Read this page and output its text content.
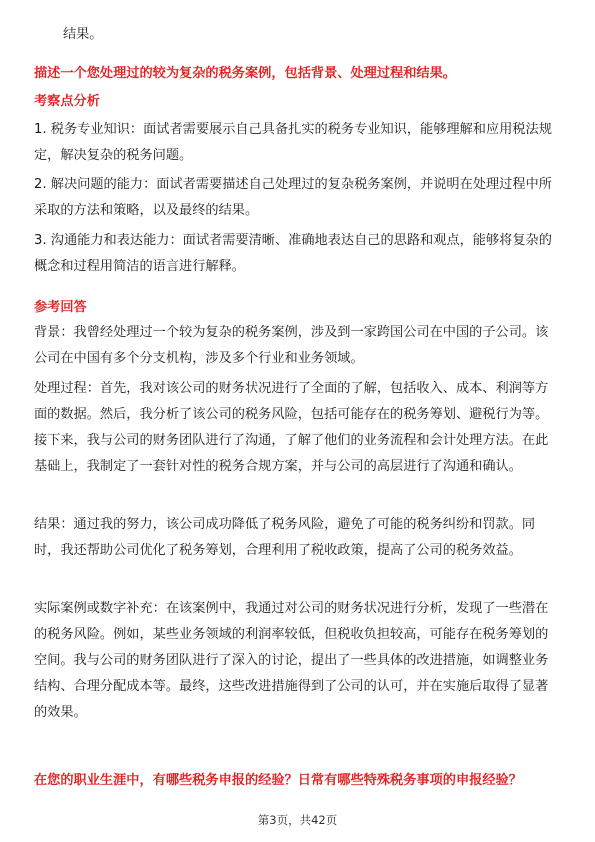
结果。

描述一个您处理过的较为复杂的税务案例，包括背景、处理过程和结果。

考察点分析

1. 税务专业知识：面试者需要展示自己具备扎实的税务专业知识，能够理解和应用税法规定，解决复杂的税务问题。

2. 解决问题的能力：面试者需要描述自己处理过的复杂税务案例，并说明在处理过程中所采取的方法和策略，以及最终的结果。

3. 沟通能力和表达能力：面试者需要清晰、准确地表达自己的思路和观点，能够将复杂的概念和过程用简洁的语言进行解释。

参考回答

背景：我曾经处理过一个较为复杂的税务案例，涉及到一家跨国公司在中国的子公司。该公司在中国有多个分支机构，涉及多个行业和业务领域。

处理过程：首先，我对该公司的财务状况进行了全面的了解，包括收入、成本、利润等方面的数据。然后，我分析了该公司的税务风险，包括可能存在的税务筹划、避税行为等。接下来，我与公司的财务团队进行了沟通，了解了他们的业务流程和会计处理方法。在此基础上，我制定了一套针对性的税务合规方案，并与公司的高层进行了沟通和确认。

结果：通过我的努力，该公司成功降低了税务风险，避免了可能的税务纠纷和罚款。同时，我还帮助公司优化了税务筹划，合理利用了税收政策，提高了公司的税务效益。

实际案例或数字补充：在该案例中，我通过对公司的财务状况进行分析，发现了一些潜在的税务风险。例如，某些业务领域的利润率较低，但税收负担较高，可能存在税务筹划的空间。我与公司的财务团队进行了深入的讨论，提出了一些具体的改进措施，如调整业务结构、合理分配成本等。最终，这些改进措施得到了公司的认可，并在实施后取得了显著的效果。

在您的职业生涯中，有哪些税务申报的经验？日常有哪些特殊税务事项的申报经验？

第3页，共42页
